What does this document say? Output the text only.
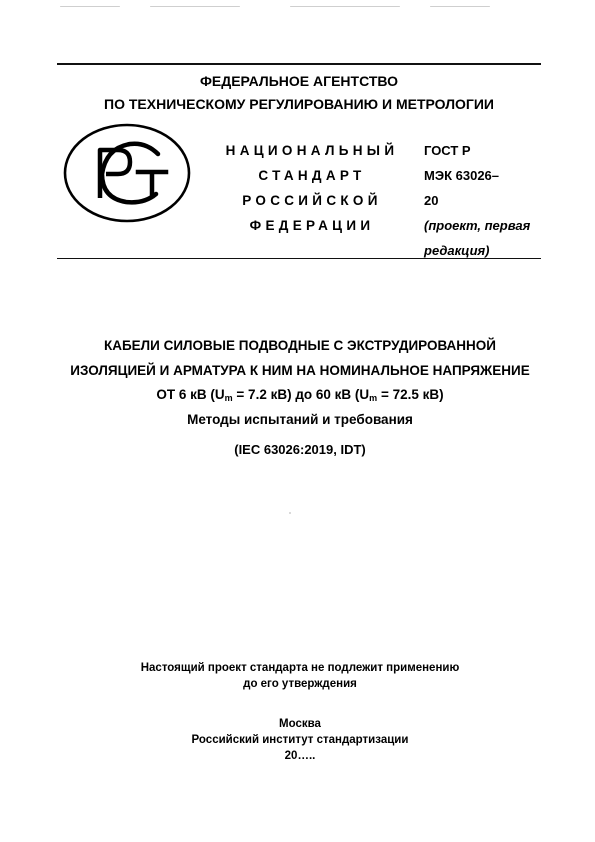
ФЕДЕРАЛЬНОЕ АГЕНТСТВО
ПО ТЕХНИЧЕСКОМУ РЕГУЛИРОВАНИЮ И МЕТРОЛОГИИ
НАЦИОНАЛЬНЫЙ
СТАНДАРТ
РОССИЙСКОЙ
ФЕДЕРАЦИИ
ГОСТ Р
МЭК 63026–
20
(проект, первая
редакция)
КАБЕЛИ СИЛОВЫЕ ПОДВОДНЫЕ С ЭКСТРУДИРОВАННОЙ
ИЗОЛЯЦИЕЙ И АРМАТУРА К НИМ НА НОМИНАЛЬНОЕ НАПРЯЖЕНИЕ
ОТ 6 кВ ($U_m = 7.2$ кВ) до 60 кВ ($U_m = 72.5$ кВ)
Методы испытаний и требования
(IEC 63026:2019, IDT)
Настоящий проект стандарта не подлежит применению
до его утверждения
Москва
Российский институт стандартизации
20…..
